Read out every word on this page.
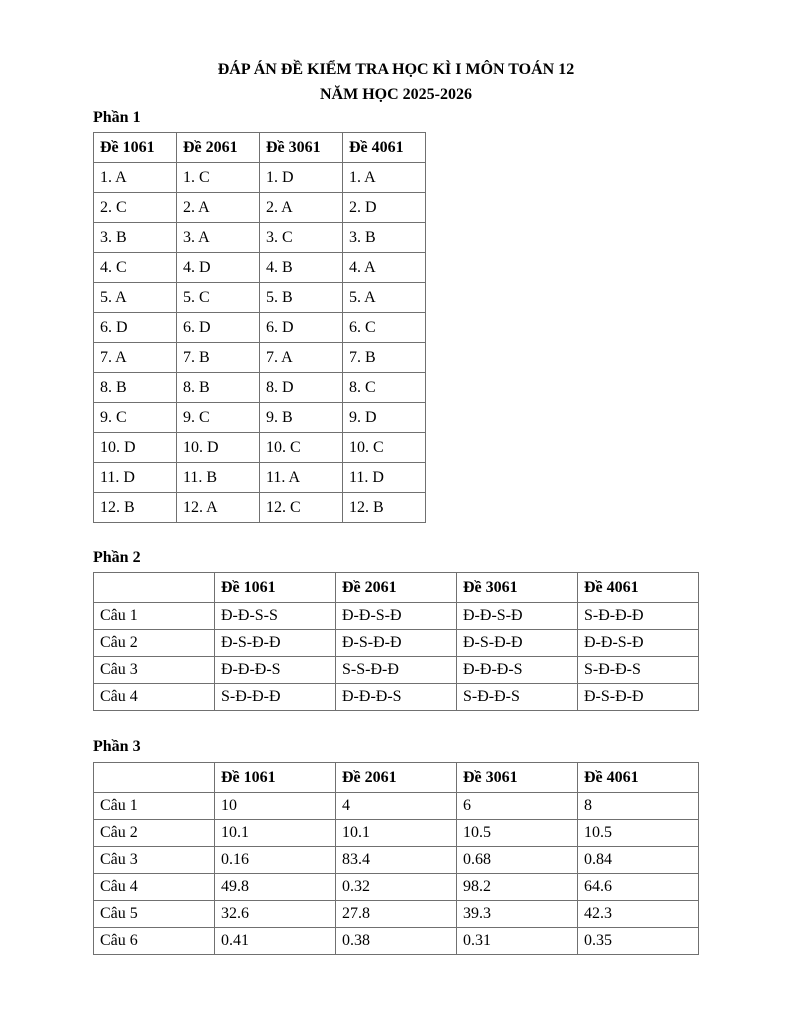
ĐÁP ÁN ĐỀ KIỂM TRA HỌC KÌ I MÔN TOÁN 12
NĂM HỌC 2025-2026
Phần 1
Đề 1061	Đề 2061	Đề 3061	Đề 4061
1. A	1. C	1. D	1. A
2. C	2. A	2. A	2. D
3. B	3. A	3. C	3. B
4. C	4. D	4. B	4. A
5. A	5. C	5. B	5. A
6. D	6. D	6. D	6. C
7. A	7. B	7. A	7. B
8. B	8. B	8. D	8. C
9. C	9. C	9. B	9. D
10. D	10. D	10. C	10. C
11. D	11. B	11. A	11. D
12. B	12. A	12. C	12. B
Phần 2
	Đề 1061	Đề 2061	Đề 3061	Đề 4061
Câu 1	Đ-Đ-S-S	Đ-Đ-S-Đ	Đ-Đ-S-Đ	S-Đ-Đ-Đ
Câu 2	Đ-S-Đ-Đ	Đ-S-Đ-Đ	Đ-S-Đ-Đ	Đ-Đ-S-Đ
Câu 3	Đ-Đ-Đ-S	S-S-Đ-Đ	Đ-Đ-Đ-S	S-Đ-Đ-S
Câu 4	S-Đ-Đ-Đ	Đ-Đ-Đ-S	S-Đ-Đ-S	Đ-S-Đ-Đ
Phần 3
	Đề 1061	Đề 2061	Đề 3061	Đề 4061
Câu 1	10	4	6	8
Câu 2	10.1	10.1	10.5	10.5
Câu 3	0.16	83.4	0.68	0.84
Câu 4	49.8	0.32	98.2	64.6
Câu 5	32.6	27.8	39.3	42.3
Câu 6	0.41	0.38	0.31	0.35
